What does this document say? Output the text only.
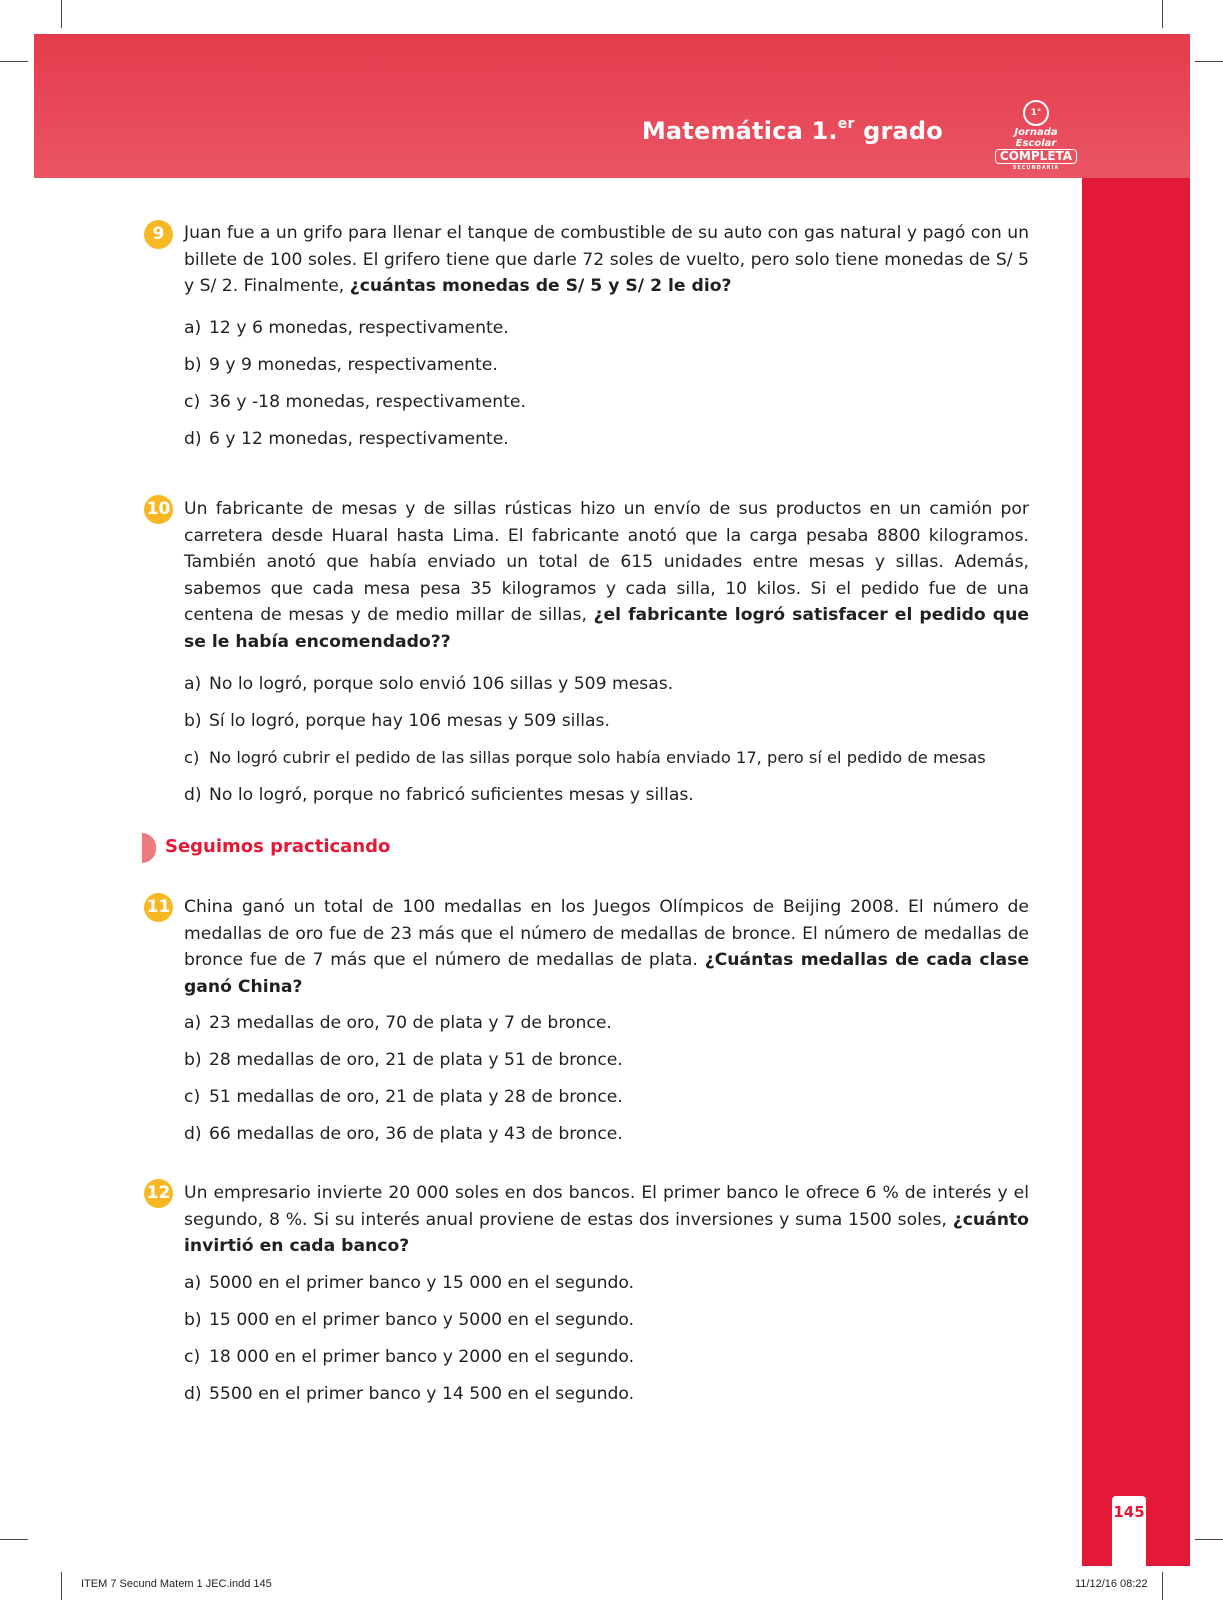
Matemática 1.$^{er}$ grado
1°
Jornada Escolar
COMPLETA
SECUNDARIA
145
9	Juan fue a un grifo para llenar el tanque de combustible de su auto con gas natural y pagó con un billete de 100 soles. El grifero tiene que darle 72 soles de vuelto, pero solo tiene monedas de S/ 5 y S/ 2. Finalmente, ¿cuántas monedas de S/ 5 y S/ 2 le dio?
a) 12 y 6 monedas, respectivamente.
b) 9 y 9 monedas, respectivamente.
c) 36 y -18 monedas, respectivamente.
d) 6 y 12 monedas, respectivamente.
10 Un fabricante de mesas y de sillas rústicas hizo un envío de sus productos en un camión por carretera desde Huaral hasta Lima. El fabricante anotó que la carga pesaba 8800 kilogramos. También anotó que había enviado un total de 615 unidades entre mesas y sillas. Además, sabemos que cada mesa pesa 35 kilogramos y cada silla, 10 kilos. Si el pedido fue de una centena de mesas y de medio millar de sillas, ¿el fabricante logró satisfacer el pedido que se le había encomendado??
a) No lo logró, porque solo envió 106 sillas y 509 mesas.
b) Sí lo logró, porque hay 106 mesas y 509 sillas.
c) No logró cubrir el pedido de las sillas porque solo había enviado 17, pero sí el pedido de mesas
d) No lo logró, porque no fabricó suficientes mesas y sillas.
Seguimos practicando
11 China ganó un total de 100 medallas en los Juegos Olímpicos de Beijing 2008. El número de medallas de oro fue de 23 más que el número de medallas de bronce. El número de medallas de bronce fue de 7 más que el número de medallas de plata. ¿Cuántas medallas de cada clase ganó China?
a) 23 medallas de oro, 70 de plata y 7 de bronce.
b) 28 medallas de oro, 21 de plata y 51 de bronce.
c) 51 medallas de oro, 21 de plata y 28 de bronce.
d) 66 medallas de oro, 36 de plata y 43 de bronce.
12 Un empresario invierte 20 000 soles en dos bancos. El primer banco le ofrece 6 % de interés y el segundo, 8 %. Si su interés anual proviene de estas dos inversiones y suma 1500 soles, ¿cuánto invirtió en cada banco?
a) 5000 en el primer banco y 15 000 en el segundo.
b) 15 000 en el primer banco y 5000 en el segundo.
c) 18 000 en el primer banco y 2000 en el segundo.
d) 5500 en el primer banco y 14 500 en el segundo.
ITEM 7 Secund Matem 1 JEC.indd 145	11/12/16 08:22
